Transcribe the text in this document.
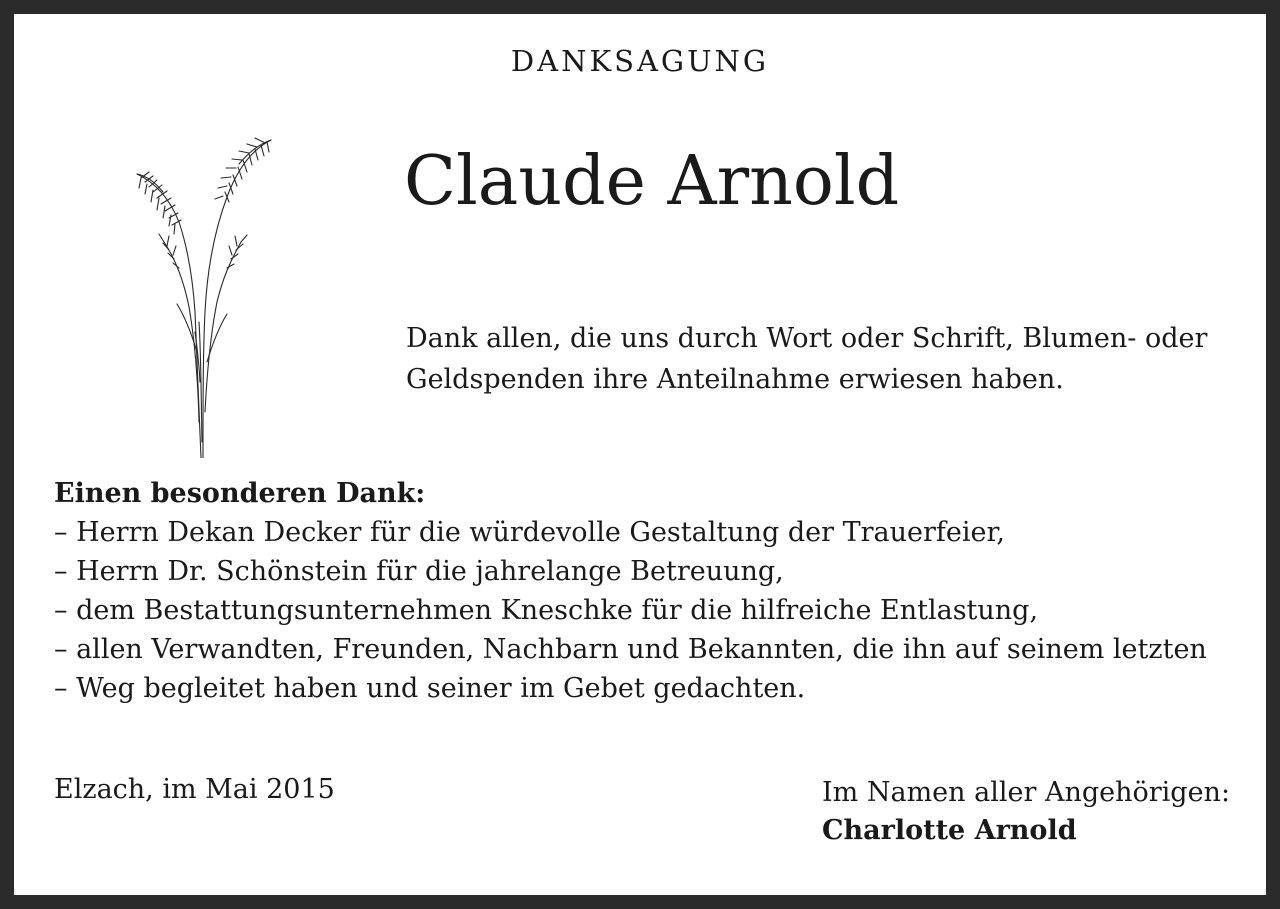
DANKSAGUNG
Claude Arnold
Dank allen, die uns durch Wort oder Schrift, Blumen- oder
Geldspenden ihre Anteilnahme erwiesen haben.
Einen besonderen Dank:
– Herrn Dekan Decker für die würdevolle Gestaltung der Trauerfeier,
– Herrn Dr. Schönstein für die jahrelange Betreuung,
– dem Bestattungsunternehmen Kneschke für die hilfreiche Entlastung,
– allen Verwandten, Freunden, Nachbarn und Bekannten, die ihn auf seinem letzten
– Weg begleitet haben und seiner im Gebet gedachten.
Elzach, im Mai 2015	Im Namen aller Angehörigen:
Charlotte Arnold
